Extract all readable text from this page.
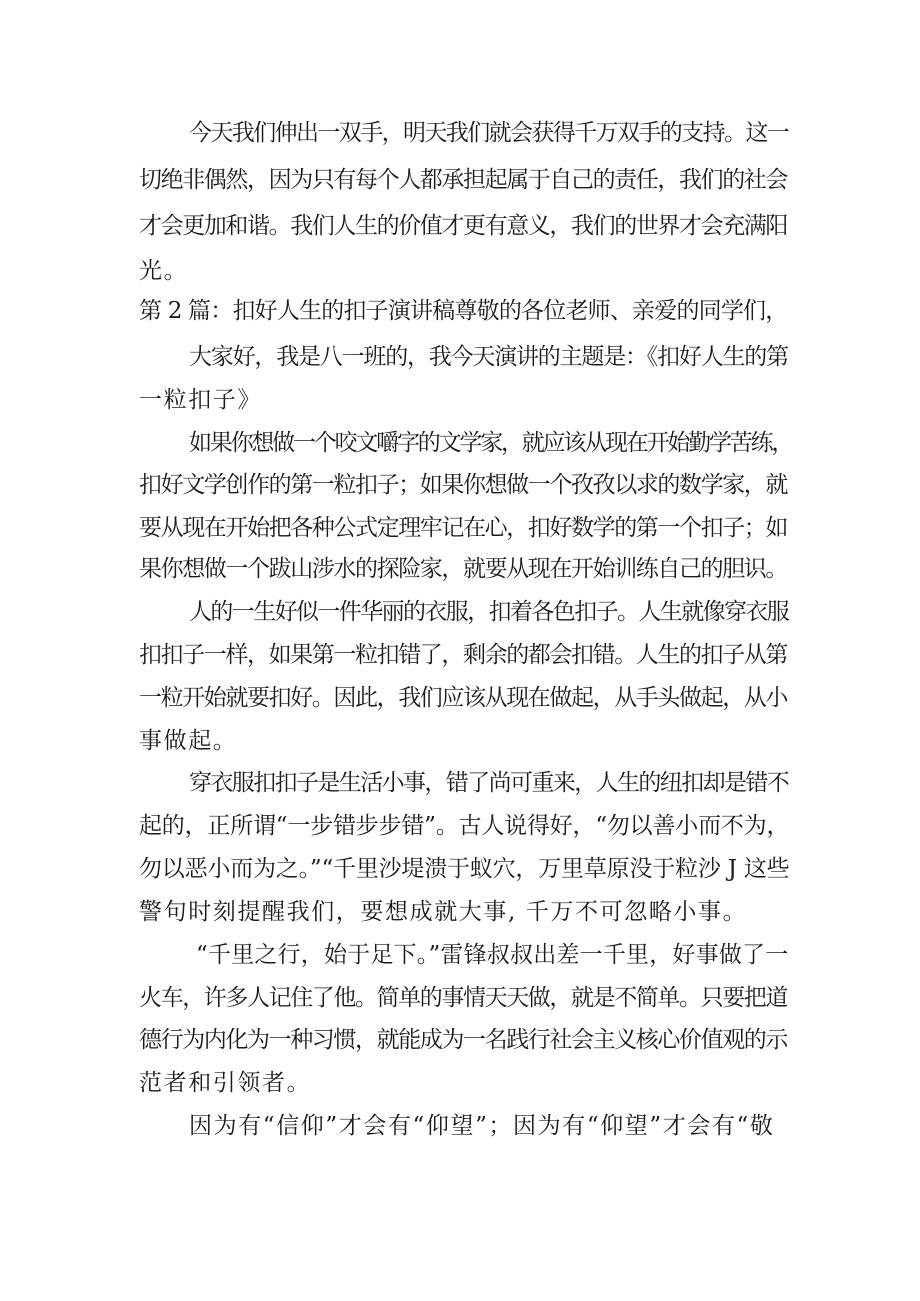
今天我们伸出一双手，明天我们就会获得千万双手的支持。这一
切绝非偶然，因为只有每个人都承担起属于自己的责任，我们的社会
才会更加和谐。我们人生的价值才更有意义，我们的世界才会充满阳
光。
第 2 篇：扣好人生的扣子演讲稿尊敬的各位老师、亲爱的同学们，
大家好，我是八一班的，我今天演讲的主题是：《扣好人生的第
一粒扣子》
如果你想做一个咬文嚼字的文学家，就应该从现在开始勤学苦练，
扣好文学创作的第一粒扣子；如果你想做一个孜孜以求的数学家，就
要从现在开始把各种公式定理牢记在心，扣好数学的第一个扣子；如
果你想做一个跋山涉水的探险家，就要从现在开始训练自己的胆识。
人的一生好似一件华丽的衣服，扣着各色扣子。人生就像穿衣服
扣扣子一样，如果第一粒扣错了，剩余的都会扣错。人生的扣子从第
一粒开始就要扣好。因此，我们应该从现在做起，从手头做起，从小
事做起。
穿衣服扣扣子是生活小事，错了尚可重来，人生的纽扣却是错不
起的，正所谓“一步错步步错”。古人说得好，“勿以善小而不为，
勿以恶小而为之。”“千里沙堤溃于蚁穴，万里草原没于粒沙 J 这些
警句时刻提醒我们，要想成就大事, 千万不可忽略小事。
“千里之行，始于足下。”雷锋叔叔出差一千里，好事做了一
火车，许多人记住了他。简单的事情天天做，就是不简单。只要把道
德行为内化为一种习惯，就能成为一名践行社会主义核心价值观的示
范者和引领者。
因为有“信仰”才会有“仰望”；因为有“仰望”才会有“敬
